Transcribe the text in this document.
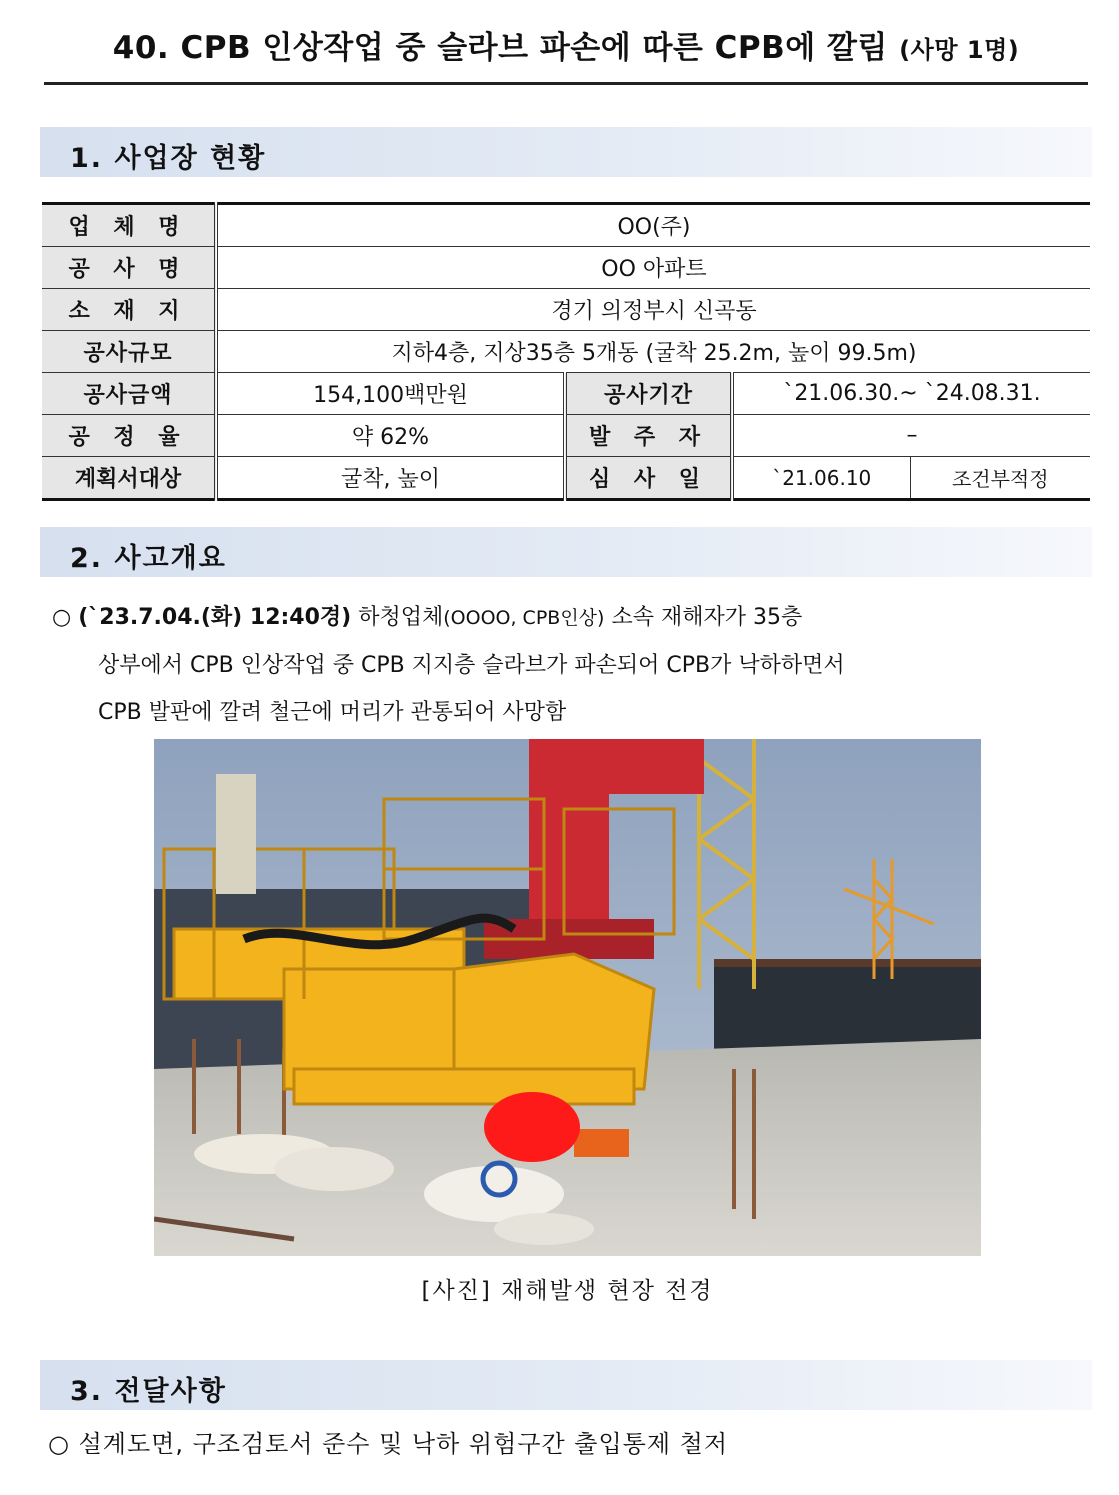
40. CPB 인상작업 중 슬라브 파손에 따른 CPB에 깔림 (사망 1명)
1. 사업장 현황
업 체 명	OO(주)			
공 사 명	OO 아파트			
소 재 지	경기 의정부시 신곡동			
공사규모	지하4층, 지상35층 5개동 (굴착 25.2m, 높이 99.5m)			
공사금액	154,100백만원	공사기간	`21.06.30.~ `24.08.31.	
공 정 율	약 62%	발 주 자	–	
계획서대상	굴착, 높이	심 사 일	`21.06.10	조건부적정
2. 사고개요
○ (`23.7.04.(화) 12:40경) 하청업체(OOOO, CPB인상) 소속 재해자가 35층
상부에서 CPB 인상작업 중 CPB 지지층 슬라브가 파손되어 CPB가 낙하하면서
CPB 발판에 깔려 철근에 머리가 관통되어 사망함
[사진] 재해발생 현장 전경
3. 전달사항
○ 설계도면, 구조검토서 준수 및 낙하 위험구간 출입통제 철저
